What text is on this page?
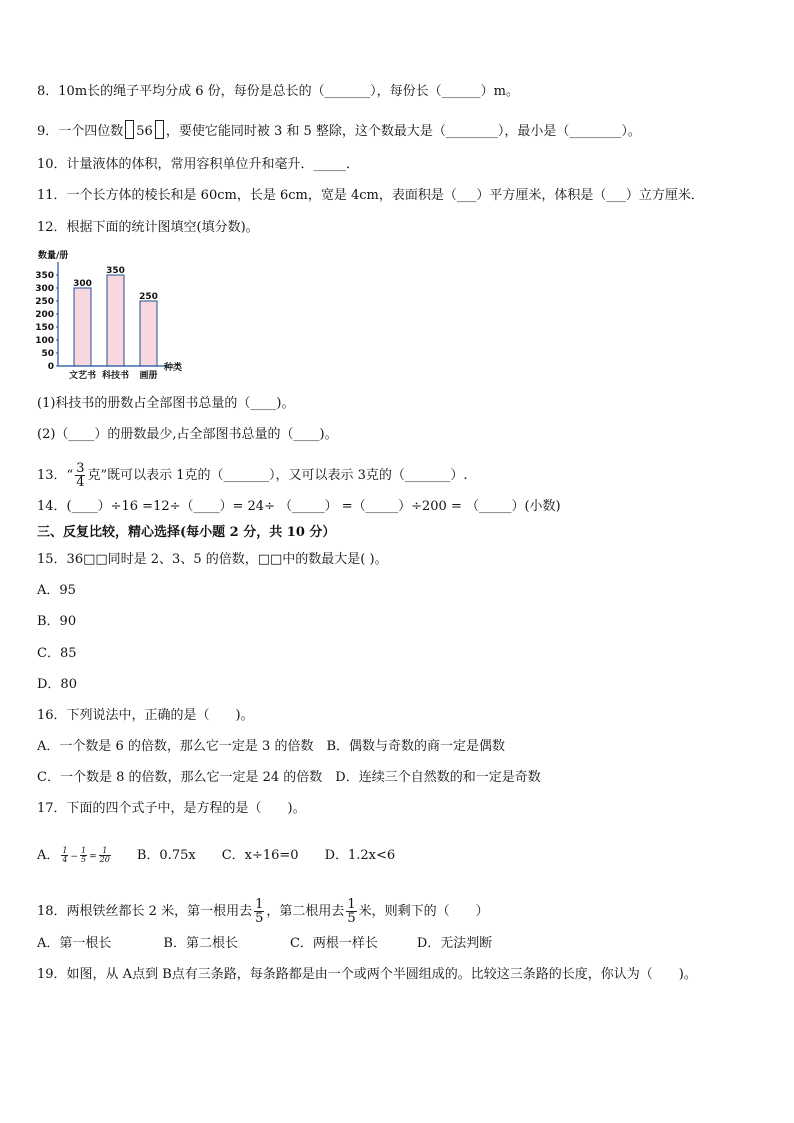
8．10m长的绳子平均分成 6 份，每份是总长的（_______），每份长（______）m。
9．一个四位数 56 ，要使它能同时被 3 和 5 整除，这个数最大是（________），最小是（________）。
10．计量液体的体积，常用容积单位升和毫升．_____．
11．一个长方体的棱长和是 60cm，长是 6cm，宽是 4cm，表面积是（___）平方厘米，体积是（___）立方厘米．
12．根据下面的统计图填空(填分数)。
数量/册
0
50
100
150
200
250
300
350
300
文艺书
350
科技书
250
画册
种类
(1)科技书的册数占全部图书总量的（____)。
(2)（____）的册数最少,占全部图书总量的（____)。
13．“ $\frac{3}{4}$ 克”既可以表示 1克的（_______），又可以表示 3克的（_______）.
14．(____）÷16 =12÷（____）= 24÷ （_____） =（_____）÷200 = （_____）(小数)
三、反复比较，精心选择(每小题 2 分，共 10 分）
15．36□□同时是 2、3、5 的倍数，□□中的数最大是( )。
A．95
B．90
C．85
D．80
16．下列说法中，正确的是（　　)。
A．一个数是 6 的倍数，那么它一定是 3 的倍数　B．偶数与奇数的商一定是偶数
C．一个数是 8 的倍数，那么它一定是 24 的倍数　D．连续三个自然数的和一定是奇数
17．下面的四个式子中，是方程的是（　　)。
A． $\frac{1}{4} - \frac{1}{5} = \frac{1}{20}$ B．0.75x　　C．x÷16=0　　D．1.2x<6
18．两根铁丝都长 2 米，第一根用去 $\frac{1}{5}$ ，第二根用去 $\frac{1}{5}$ 米，则剩下的（　　）
A．第一根长　　　　B．第二根长　　　　C．两根一样长　　　D．无法判断
19．如图，从 A点到 B点有三条路，每条路都是由一个或两个半圆组成的。比较这三条路的长度，你认为（　　)。
